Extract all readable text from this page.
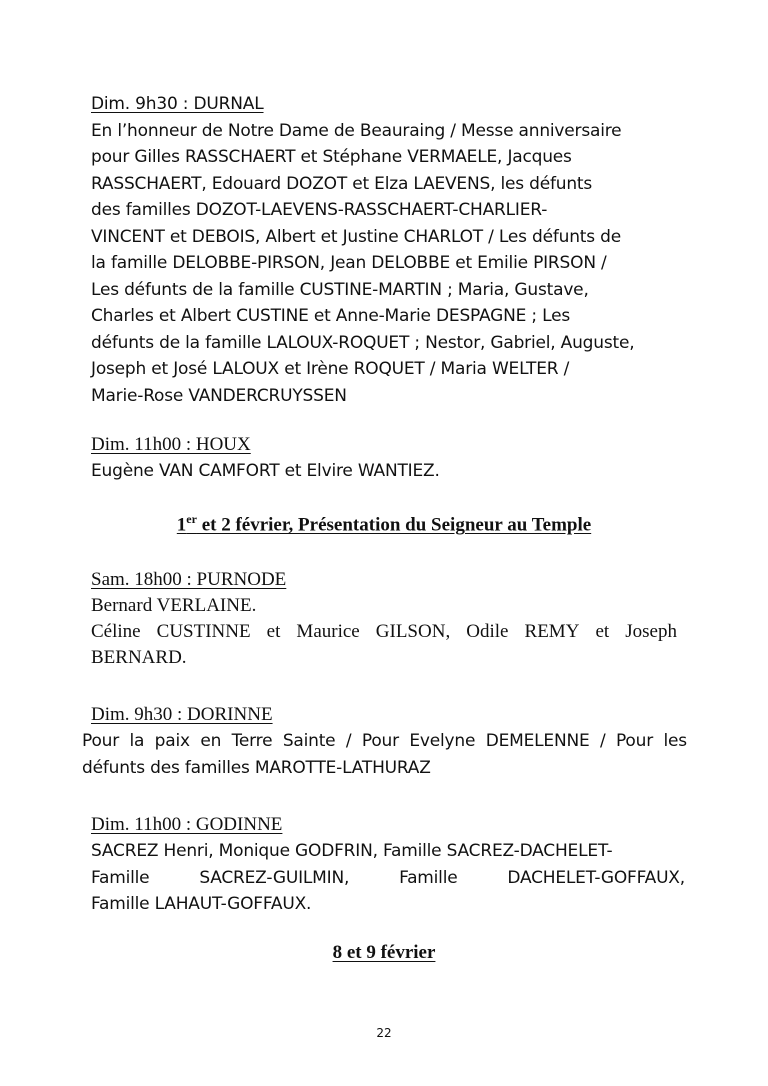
Dim. 9h30 : DURNAL
En l’honneur de Notre Dame de Beauraing / Messe anniversaire
pour Gilles RASSCHAERT et Stéphane VERMAELE, Jacques
RASSCHAERT, Edouard DOZOT et Elza LAEVENS, les défunts
des familles DOZOT-LAEVENS-RASSCHAERT-CHARLIER-
VINCENT et DEBOIS, Albert et Justine CHARLOT / Les défunts de
la famille DELOBBE-PIRSON, Jean DELOBBE et Emilie PIRSON /
Les défunts de la famille CUSTINE-MARTIN ; Maria, Gustave,
Charles et Albert CUSTINE et Anne-Marie DESPAGNE ; Les
défunts de la famille LALOUX-ROQUET ; Nestor, Gabriel, Auguste,
Joseph et José LALOUX et Irène ROQUET / Maria WELTER /
Marie-Rose VANDERCRUYSSEN
Dim. 11h00 : HOUX
Eugène VAN CAMFORT et Elvire WANTIEZ.
1er et 2 février, Présentation du Seigneur au Temple
Sam. 18h00 : PURNODE
Bernard VERLAINE.
Céline CUSTINNE et Maurice GILSON, Odile REMY et Joseph
BERNARD.
Dim. 9h30 : DORINNE
Pour la paix en Terre Sainte / Pour Evelyne DEMELENNE / Pour les
défunts des familles MAROTTE-LATHURAZ
Dim. 11h00 : GODINNE
SACREZ Henri, Monique GODFRIN, Famille SACREZ-DACHELET-
Famille	SACREZ-GUILMIN,	Famille	DACHELET-GOFFAUX,
Famille LAHAUT-GOFFAUX.
8 et 9 février
22
